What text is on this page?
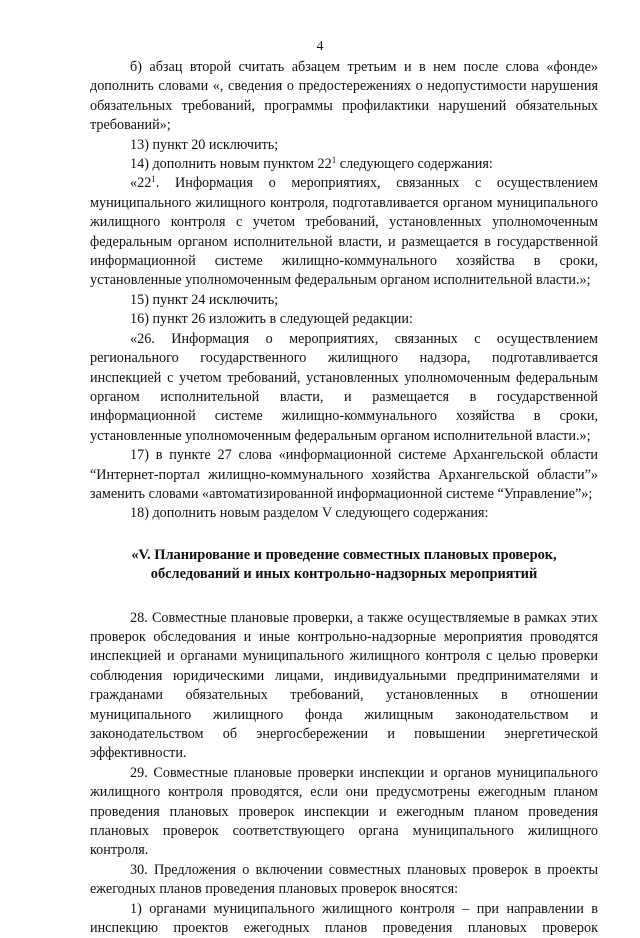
4

б) абзац второй считать абзацем третьим и в нем после слова «фонде» дополнить словами «, сведения о предостережениях о недопустимости нарушения обязательных требований, программы профилактики нарушений обязательных требований»;

13) пункт 20 исключить;

14) дополнить новым пунктом $22^1$ следующего содержания:

«$22^1$. Информация о мероприятиях, связанных с осуществлением муниципального жилищного контроля, подготавливается органом муниципального жилищного контроля с учетом требований, установленных уполномоченным федеральным органом исполнительной власти, и размещается в государственной информационной системе жилищно-коммунального хозяйства в сроки, установленные уполномоченным федеральным органом исполнительной власти.»;

15) пункт 24 исключить;

16) пункт 26 изложить в следующей редакции:

«26. Информация о мероприятиях, связанных с осуществлением регионального государственного жилищного надзора, подготавливается инспекцией с учетом требований, установленных уполномоченным федеральным органом исполнительной власти, и размещается в государственной информационной системе жилищно-коммунального хозяйства в сроки, установленные уполномоченным федеральным органом исполнительной власти.»;

17) в пункте 27 слова «информационной системе Архангельской области “Интернет-портал жилищно-коммунального хозяйства Архангельской области”» заменить словами «автоматизированной информационной системе “Управление”»;

18) дополнить новым разделом V следующего содержания:

«V. Планирование и проведение совместных плановых проверок,
обследований и иных контрольно-надзорных мероприятий

28. Совместные плановые проверки, а также осуществляемые в рамках этих проверок обследования и иные контрольно-надзорные мероприятия проводятся инспекцией и органами муниципального жилищного контроля с целью проверки соблюдения юридическими лицами, индивидуальными предпринимателями и гражданами обязательных требований, установленных в отношении муниципального жилищного фонда жилищным законодательством и законодательством об энергосбережении и повышении энергетической эффективности.

29. Совместные плановые проверки инспекции и органов муниципального жилищного контроля проводятся, если они предусмотрены ежегодным планом проведения плановых проверок инспекции и ежегодным планом проведения плановых проверок соответствующего органа муниципального жилищного контроля.

30. Предложения о включении совместных плановых проверок в проекты ежегодных планов проведения плановых проверок вносятся:

1) органами муниципального жилищного контроля – при направлении в инспекцию проектов ежегодных планов проведения плановых проверок
